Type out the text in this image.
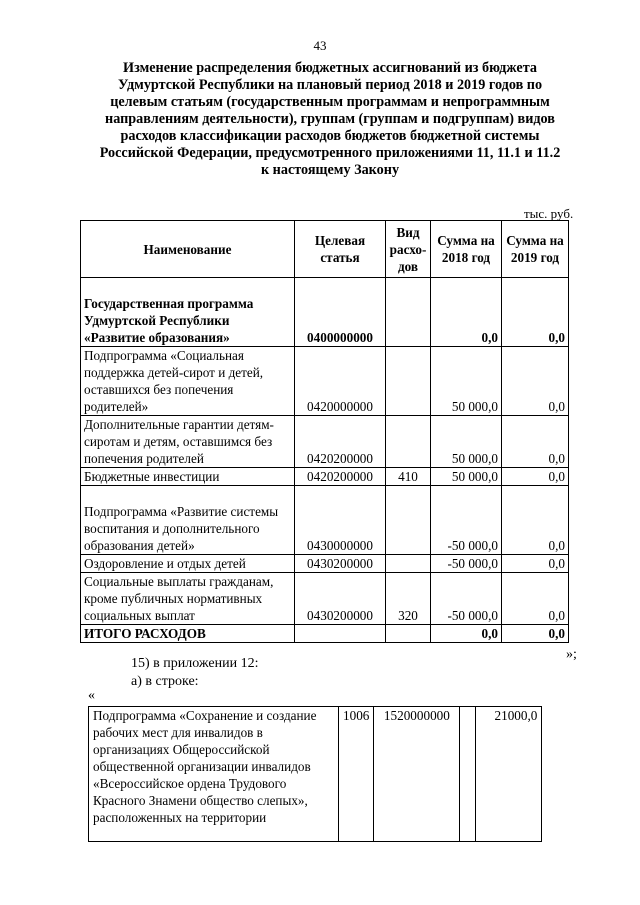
43
Изменение распределения бюджетных ассигнований из бюджета
Удмуртской Республики на плановый период 2018 и 2019 годов по
целевым статьям (государственным программам и непрограммным
направлениям деятельности), группам (группам и подгруппам) видов
расходов классификации расходов бюджетов бюджетной системы
Российской Федерации, предусмотренного приложениями 11, 11.1 и 11.2
к настоящему Закону
тыс. руб.
Наименование	Целевая статья	Вид расхо-дов	Сумма на 2018 год	Сумма на 2019 год
Государственная программа Удмуртской Республики «Развитие образования»	0400000000		0,0	0,0
Подпрограмма «Социальная поддержка детей-сирот и детей, оставшихся без попечения родителей»	0420000000		50 000,0	0,0
Дополнительные гарантии детям-сиротам и детям, оставшимся без попечения родителей	0420200000		50 000,0	0,0
Бюджетные инвестиции	0420200000	410	50 000,0	0,0
Подпрограмма «Развитие системы воспитания и дополнительного образования детей»	0430000000		-50 000,0	0,0
Оздоровление и отдых детей	0430200000		-50 000,0	0,0
Социальные выплаты гражданам, кроме публичных нормативных социальных выплат	0430200000	320	-50 000,0	0,0
ИТОГО РАСХОДОВ			0,0	0,0
»;
15) в приложении 12:
а) в строке:
«
Подпрограмма «Сохранение и создание рабочих мест для инвалидов в организациях Общероссийской общественной организации инвалидов «Всероссийское ордена Трудового Красного Знамени общество слепых», расположенных на территории	1006	1520000000		21000,0
